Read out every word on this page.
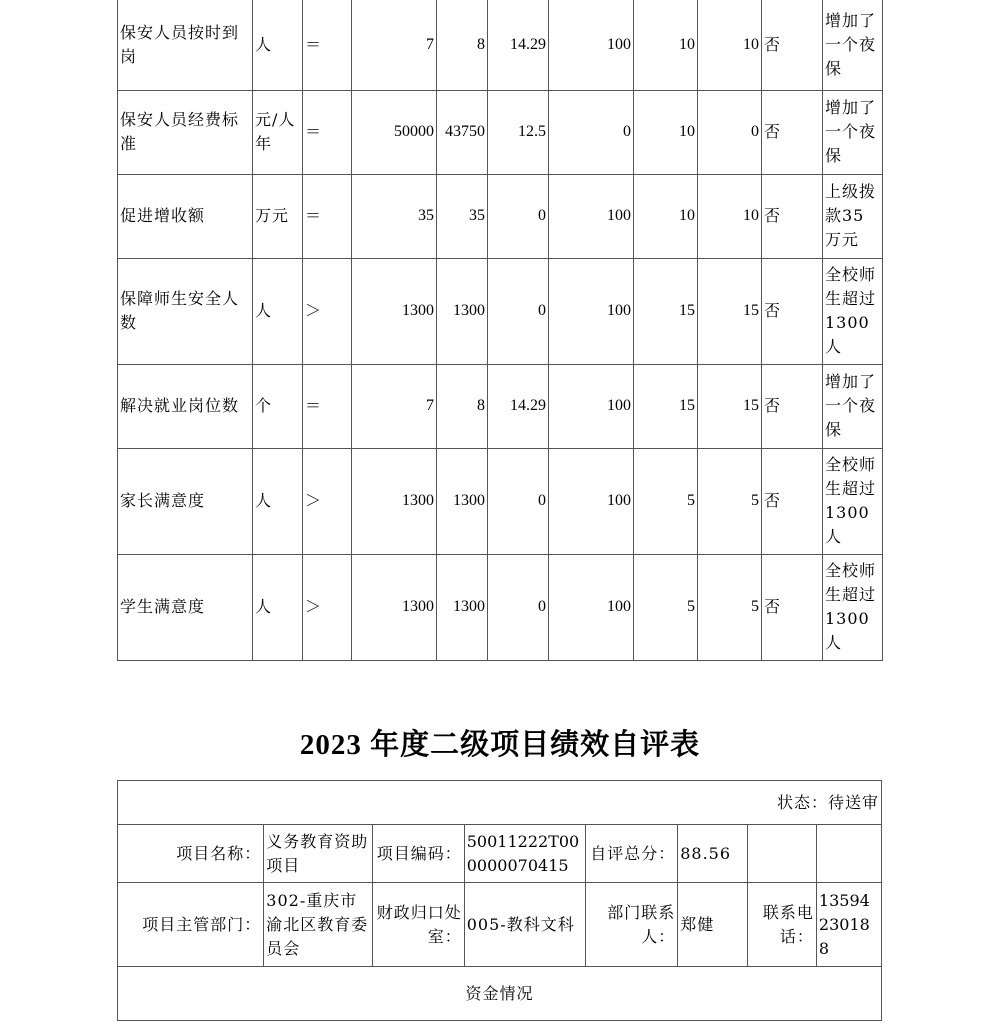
保安人员按时到岗	人	＝	7	8	14.29	100	10	10	否	增加了一个夜保
保安人员经费标准	元/人年	＝	50000	43750	12.5	0	10	0	否	增加了一个夜保
促进增收额	万元	＝	35	35	0	100	10	10	否	上级拨款35万元
保障师生安全人数	人	＞	1300	1300	0	100	15	15	否	全校师生超过1300人
解决就业岗位数	个	＝	7	8	14.29	100	15	15	否	增加了一个夜保
家长满意度	人	＞	1300	1300	0	100	5	5	否	全校师生超过1300人
学生满意度	人	＞	1300	1300	0	100	5	5	否	全校师生超过1300人
2023 年度二级项目绩效自评表
状态：待送审							
项目名称：	义务教育资助项目	项目编码：	50011222T000000070415	自评总分：	88.56		
项目主管部门：	302-重庆市渝北区教育委员会	财政归口处室：	005-教科文科	部门联系人：	郑健	联系电话：	13594230188
资金情况							
